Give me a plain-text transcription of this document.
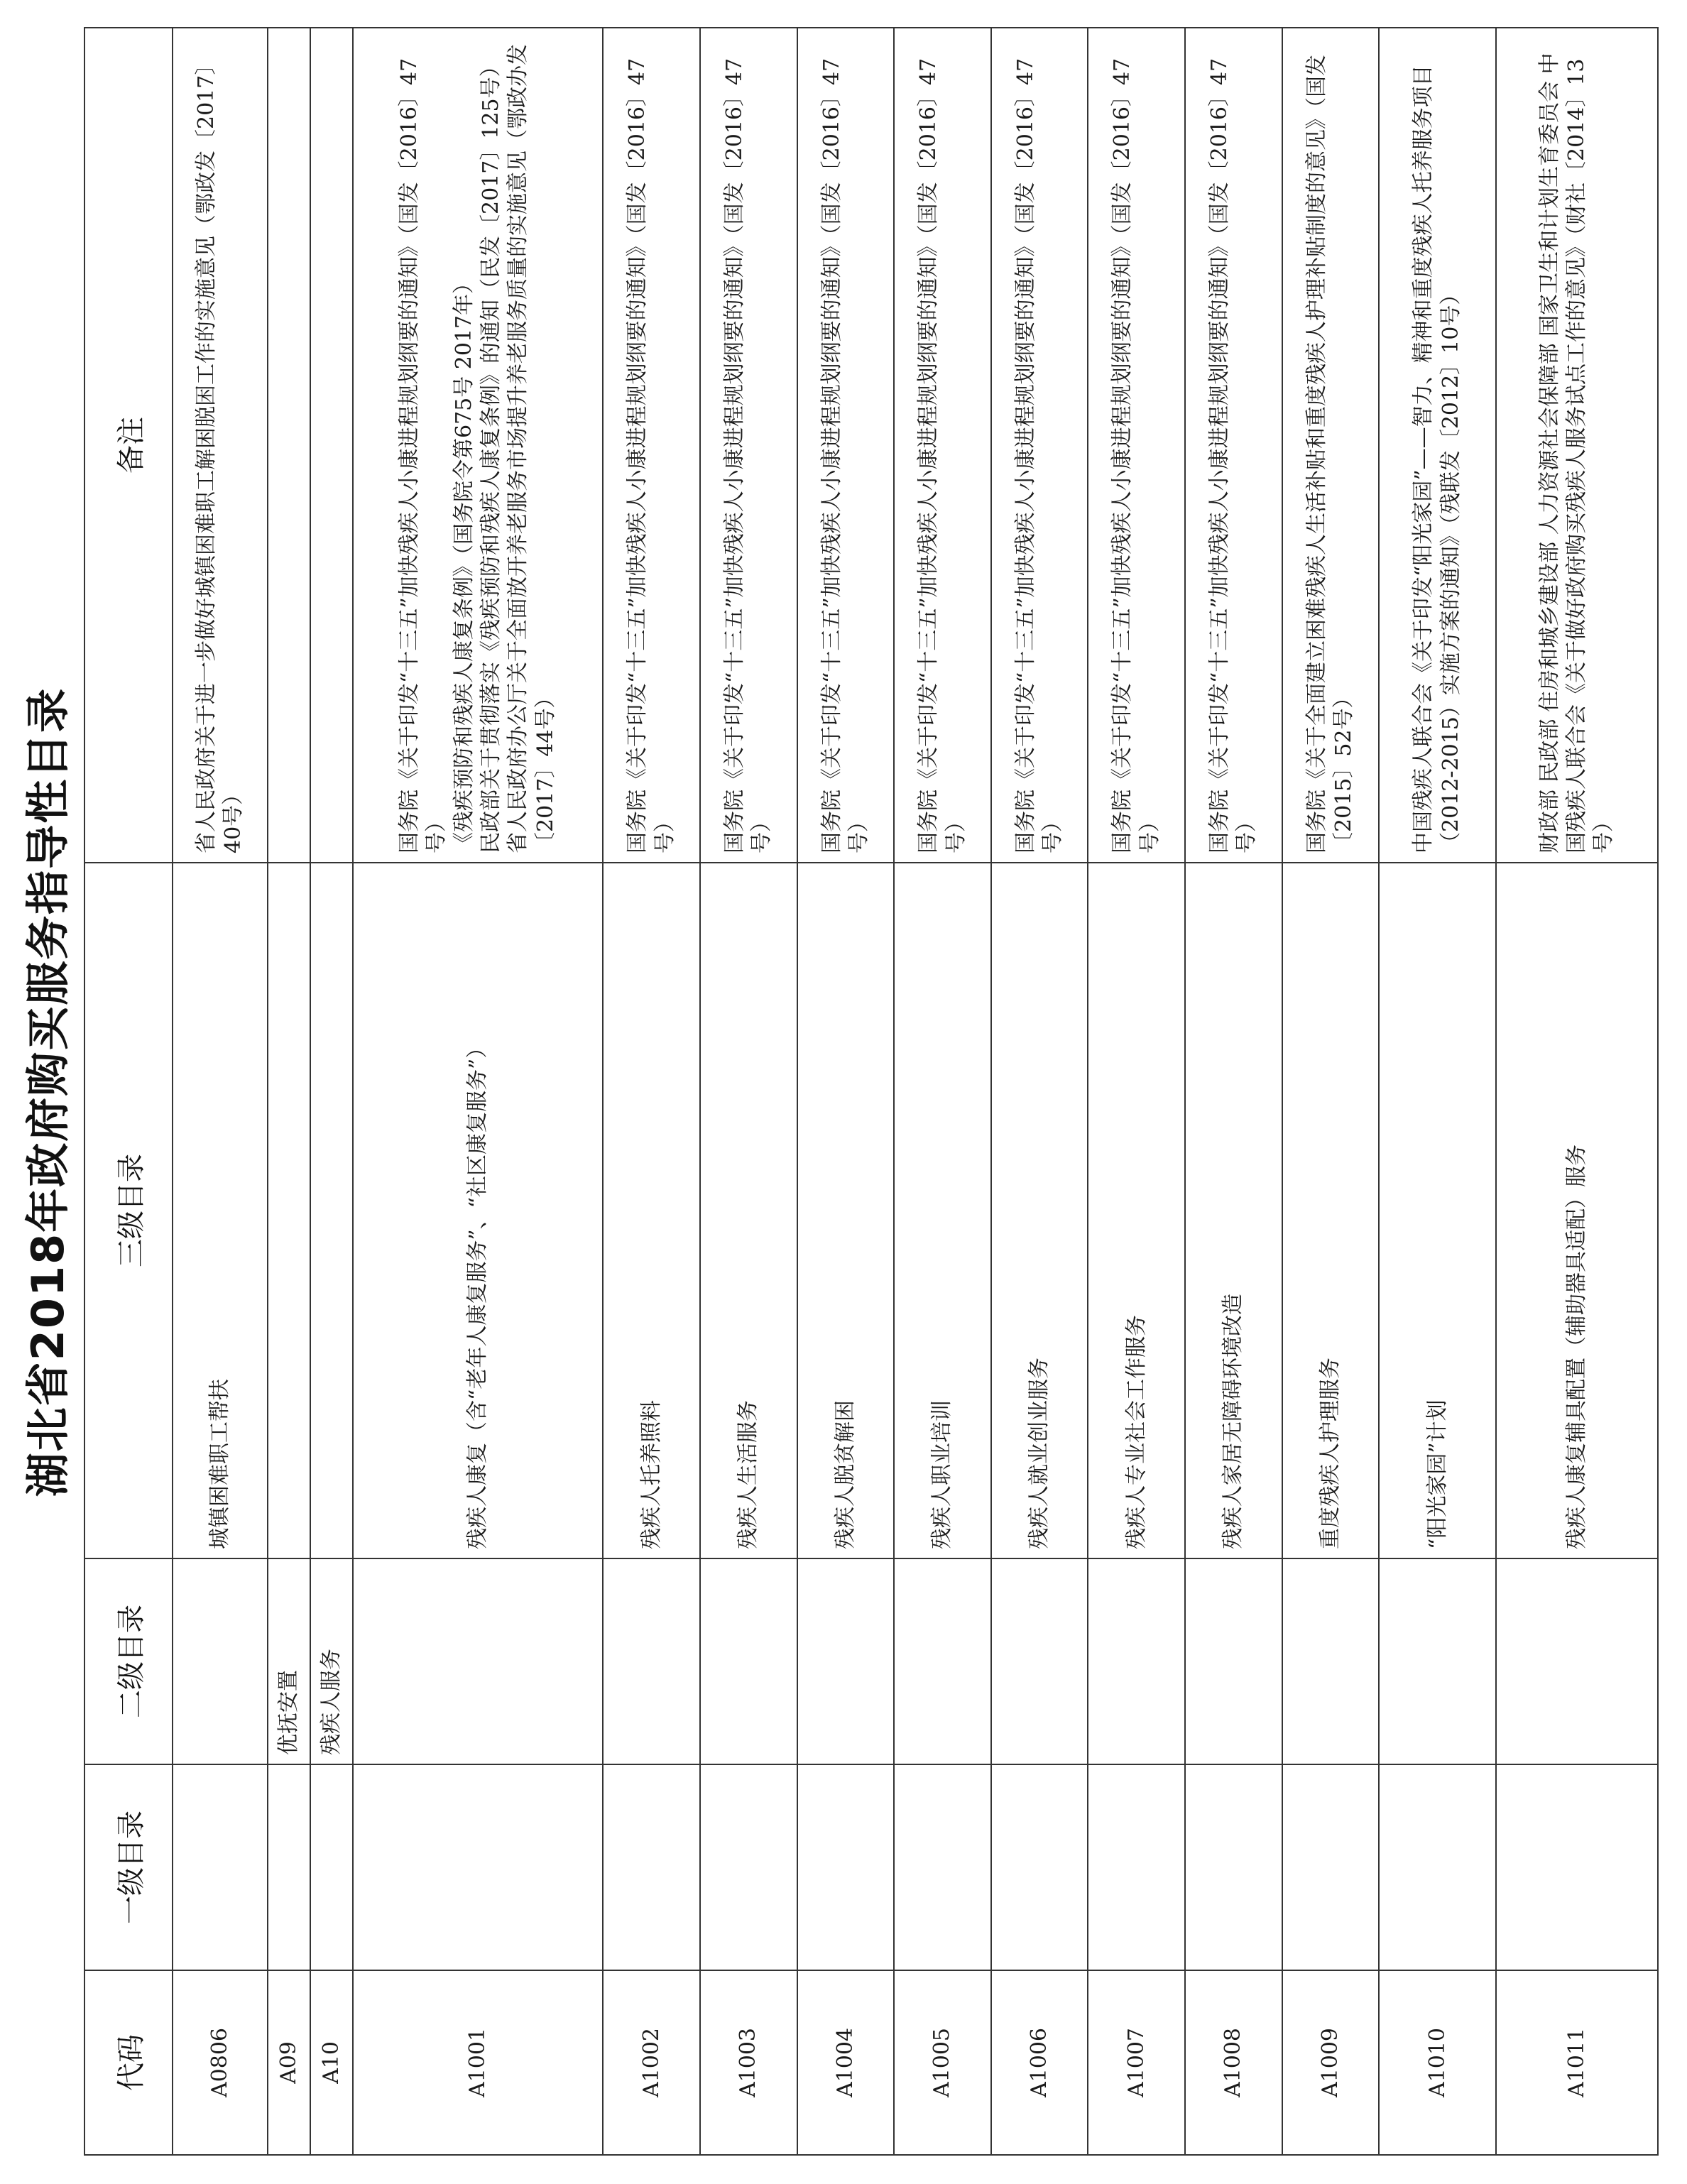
湖北省2018年政府购买服务指导性目录
代码	一级目录	二级目录	三级目录	备注
A0806			城镇困难职工帮扶	省人民政府关于进一步做好城镇困难职工解困脱困工作的实施意见（鄂政发〔2017〕40号）

A09		优抚安置		
A10		残疾人服务		
A1001			残疾人康复（含“老年人康复服务”、“社区康复服务”）	国务院《关于印发“十三五”加快残疾人小康进程规划纲要的通知》（国发〔2016〕47号） 《残疾预防和残疾人康复条例》（国务院令第675号 2017年） 民政部关于贯彻落实《残疾预防和残疾人康复条例》的通知（民发〔2017〕125号） 省人民政府办公厅关于全面放开养老服务市场提升养老服务质量的实施意见（鄂政办发〔2017〕44号）

A1002			残疾人托养照料	国务院《关于印发“十三五”加快残疾人小康进程规划纲要的通知》（国发〔2016〕47号）

A1003			残疾人生活服务	国务院《关于印发“十三五”加快残疾人小康进程规划纲要的通知》（国发〔2016〕47号）

A1004			残疾人脱贫解困	国务院《关于印发“十三五”加快残疾人小康进程规划纲要的通知》（国发〔2016〕47号）

A1005			残疾人职业培训	国务院《关于印发“十三五”加快残疾人小康进程规划纲要的通知》（国发〔2016〕47号）

A1006			残疾人就业创业服务	国务院《关于印发“十三五”加快残疾人小康进程规划纲要的通知》（国发〔2016〕47号）

A1007			残疾人专业社会工作服务	国务院《关于印发“十三五”加快残疾人小康进程规划纲要的通知》（国发〔2016〕47号）

A1008			残疾人家居无障碍环境改造	国务院《关于印发“十三五”加快残疾人小康进程规划纲要的通知》（国发〔2016〕47号）

A1009			重度残疾人护理服务	国务院《关于全面建立困难残疾人生活补贴和重度残疾人护理补贴制度的意见》（国发〔2015〕52号）

A1010			“阳光家园”计划	中国残疾人联合会《关于印发“阳光家园”——智力、精神和重度残疾人托养服务项目（2012-2015）实施方案的通知》（残联发〔2012〕10号）

A1011			残疾人康复辅具配置（辅助器具适配）服务	财政部 民政部 住房和城乡建设部 人力资源社会保障部 国家卫生和计划生育委员会 中国残疾人联合会《关于做好政府购买残疾人服务试点工作的意见》（财社〔2014〕13号）
